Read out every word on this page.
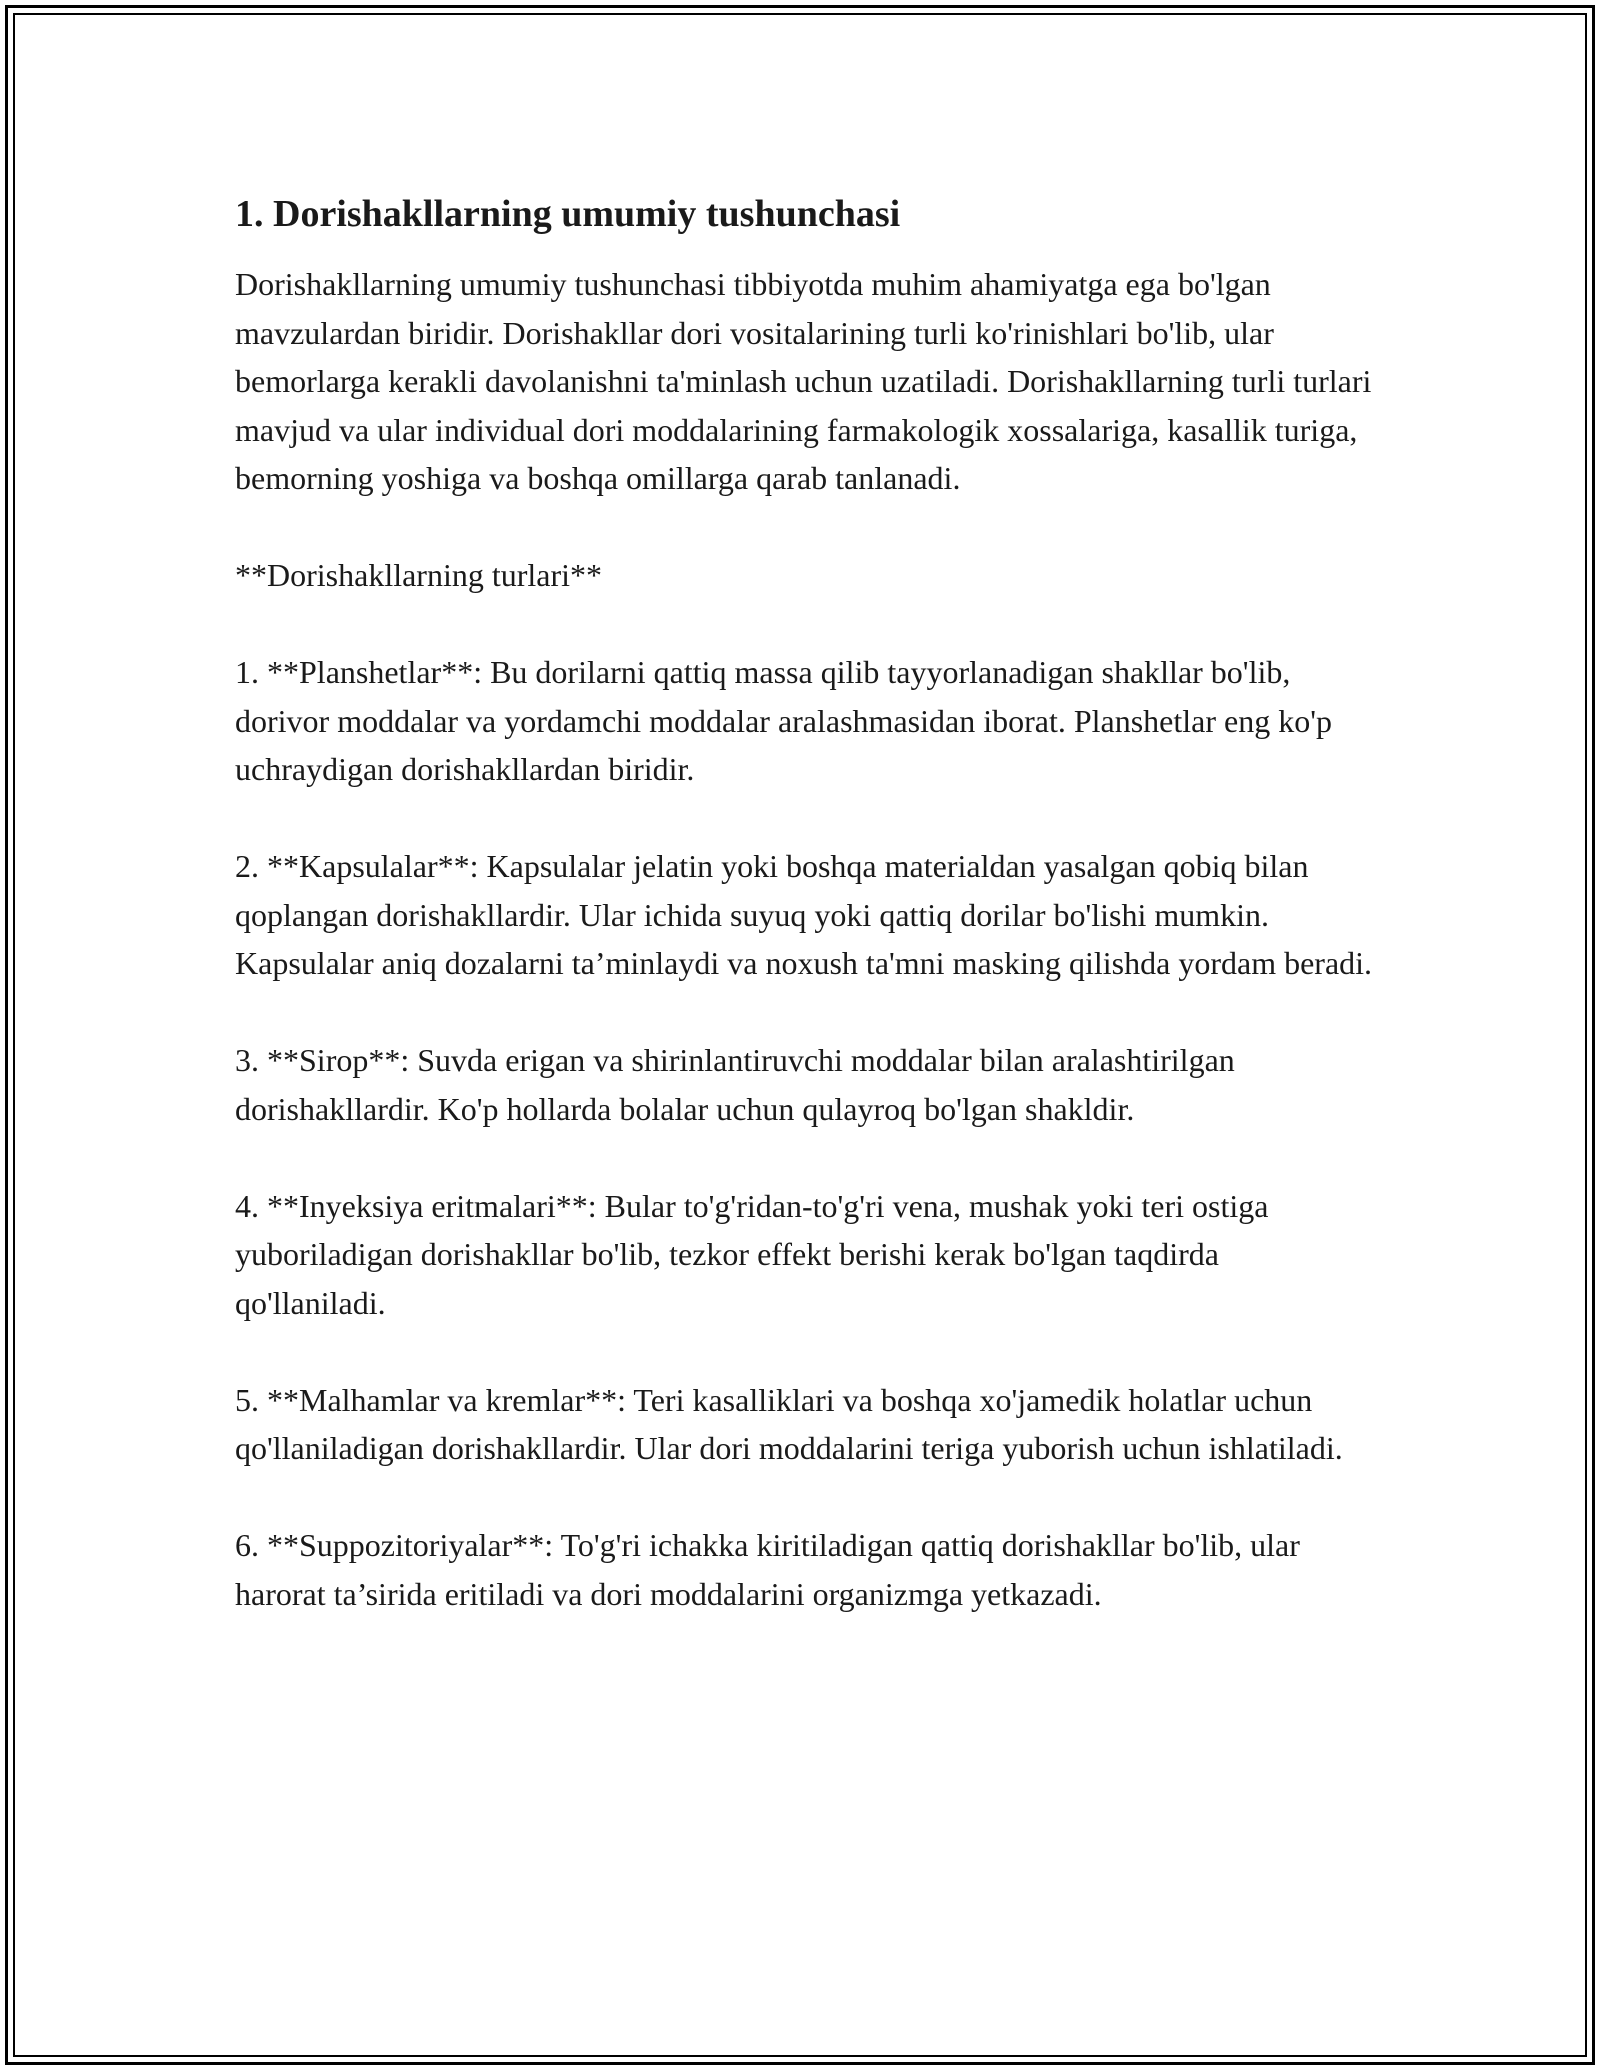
1. Dorishakllarning umumiy tushunchasi

Dorishakllarning umumiy tushunchasi tibbiyotda muhim ahamiyatga ega bo'lgan mavzulardan biridir. Dorishakllar dori vositalarining turli ko'rinishlari bo'lib, ular bemorlarga kerakli davolanishni ta'minlash uchun uzatiladi. Dorishakllarning turli turlari mavjud va ular individual dori moddalarining farmakologik xossalariga, kasallik turiga, bemorning yoshiga va boshqa omillarga qarab tanlanadi.

**Dorishakllarning turlari**

1. **Planshetlar**: Bu dorilarni qattiq massa qilib tayyorlanadigan shakllar bo'lib, dorivor moddalar va yordamchi moddalar aralashmasidan iborat. Planshetlar eng ko'p uchraydigan dorishakllardan biridir.

2. **Kapsulalar**: Kapsulalar jelatin yoki boshqa materialdan yasalgan qobiq bilan qoplangan dorishakllardir. Ular ichida suyuq yoki qattiq dorilar bo'lishi mumkin. Kapsulalar aniq dozalarni ta’minlaydi va noxush ta'mni masking qilishda yordam beradi.

3. **Sirop**: Suvda erigan va shirinlantiruvchi moddalar bilan aralashtirilgan dorishakllardir. Ko'p hollarda bolalar uchun qulayroq bo'lgan shakldir.

4. **Inyeksiya eritmalari**: Bular to'g'ridan-to'g'ri vena, mushak yoki teri ostiga yuboriladigan dorishakllar bo'lib, tezkor effekt berishi kerak bo'lgan taqdirda qo'llaniladi.

5. **Malhamlar va kremlar**: Teri kasalliklari va boshqa xo'jamedik holatlar uchun qo'llaniladigan dorishakllardir. Ular dori moddalarini teriga yuborish uchun ishlatiladi.

6. **Suppozitoriyalar**: To'g'ri ichakka kiritiladigan qattiq dorishakllar bo'lib, ular harorat ta’sirida eritiladi va dori moddalarini organizmga yetkazadi.
